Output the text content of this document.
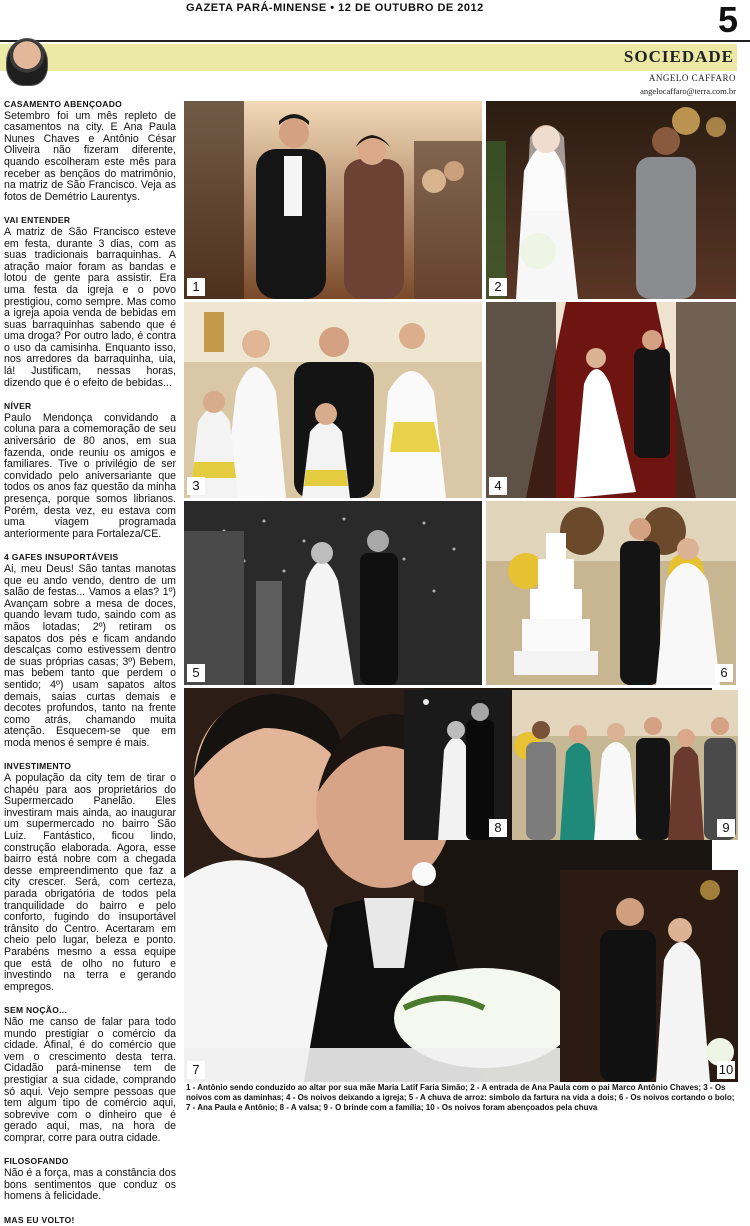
GAZETA PARÁ-MINENSE • 12 DE OUTUBRO DE 2012	5
SOCIEDADE
ANGELO CAFFARO
angelocaffaro@terra.com.br
CASAMENTO ABENÇOADO

Setembro foi um mês repleto de casamentos na city. E Ana Paula Nunes Chaves e Antônio César Oliveira não fizeram diferente, quando escolheram este mês para receber as bençãos do matrimônio, na matriz de São Francisco. Veja as fotos de Demétrio Laurentys.

VAI ENTENDER

A matriz de São Francisco esteve em festa, durante 3 dias, com as suas tradicionais barraquinhas. A atração maior foram as bandas e lotou de gente para assistir. Era uma festa da igreja e o povo prestigiou, como sempre. Mas como a igreja apoia venda de bebidas em suas barraquinhas sabendo que é uma droga? Por outro lado, é contra o uso da camisinha. Enquanto isso, nos arredores da barraquinha, uia, lá! Justificam, nessas horas, dizendo que é o efeito de bebidas...

NÍVER

Paulo Mendonça convidando a coluna para a comemoração de seu aniversário de 80 anos, em sua fazenda, onde reuniu os amigos e familiares. Tive o privilégio de ser convidado pelo aniversariante que todos os anos faz questão da minha presença, porque somos librianos. Porém, desta vez, eu estava com uma viagem programada anteriormente para Fortaleza/CE.

4 GAFES INSUPORTÁVEIS

Ai, meu Deus! São tantas manotas que eu ando vendo, dentro de um salão de festas... Vamos a elas? 1º) Avançam sobre a mesa de doces, quando levam tudo, saindo com as mãos lotadas; 2º) retiram os sapatos dos pés e ficam andando descalças como estivessem dentro de suas próprias casas; 3º) Bebem, mas bebem tanto que perdem o sentido; 4º) usam sapatos altos demais, saias curtas demais e decotes profundos, tanto na frente como atrás, chamando muita atenção. Esquecem-se que em moda menos é sempre é mais.

INVESTIMENTO

A população da city tem de tirar o chapéu para aos proprietários do Supermercado Panelão. Eles investiram mais ainda, ao inaugurar um supermercado no bairro São Luiz. Fantástico, ficou lindo, construção elaborada. Agora, esse bairro está nobre com a chegada desse empreendimento que faz a city crescer. Será, com certeza, parada obrigatória de todos pela tranquilidade do bairro e pelo conforto, fugindo do insuportável trânsito do Centro. Acertaram em cheio pelo lugar, beleza e ponto. Parabéns mesmo a essa equipe que está de olho no futuro e investindo na terra e gerando empregos.

SEM NOÇÃO...

Não me canso de falar para todo mundo prestigiar o comércio da cidade. Afinal, é do comércio que vem o crescimento desta terra. Cidadão pará-minense tem de prestigiar a sua cidade, comprando só aqui. Vejo sempre pessoas que tem algum tipo de comércio aqui, sobrevive com o dinheiro que é gerado aqui, mas, na hora de comprar, corre para outra cidade.

FILOSOFANDO

Não é a força, mas a constância dos bons sentimentos que conduz os homens à felicidade.

MAS EU VOLTO!
1	2
3	4
5	6
7
8	9
10
1 - Antônio sendo conduzido ao altar por sua mãe Maria Latif Faria Simão; 2 - A entrada de Ana Paula com o pai Marco Antônio Chaves; 3 - Os noivos com as daminhas; 4 - Os noivos deixando a igreja; 5 - A chuva de arroz: simbolo da fartura na vida a dois; 6 - Os noivos cortando o bolo; 7 - Ana Paula e Antônio; 8 - A valsa; 9 - O brinde com a família; 10 - Os noivos foram abençoados pela chuva
